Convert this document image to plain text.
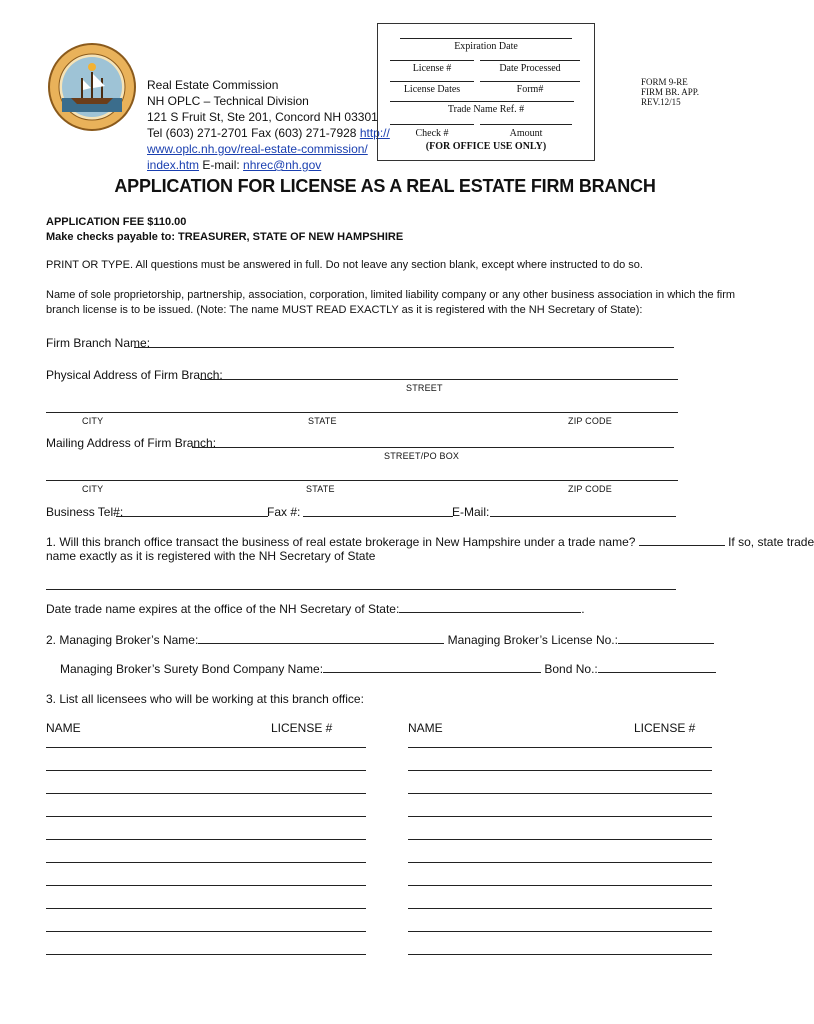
Real Estate Commission
NH OPLC – Technical Division
121 S Fruit St, Ste 201, Concord NH 03301
Tel (603) 271-2701 Fax (603) 271-7928 http://
www.oplc.nh.gov/real-estate-commission/
index.htm E-mail: nhrec@nh.gov
Expiration Date
License #	Date Processed
License Dates	Form#
Trade Name Ref. #
Check #	Amount
(FOR OFFICE USE ONLY)
FORM 9-RE
FIRM BR. APP.
REV.12/15
APPLICATION FOR LICENSE AS A REAL ESTATE FIRM BRANCH
APPLICATION FEE $110.00
Make checks payable to: TREASURER, STATE OF NEW HAMPSHIRE
PRINT OR TYPE. All questions must be answered in full. Do not leave any section blank, except where instructed to do so.
Name of sole proprietorship, partnership, association, corporation, limited liability company or any other business association in which the firm
branch license is to be issued. (Note: The name MUST READ EXACTLY as it is registered with the NH Secretary of State):
Firm Branch Name:
Physical Address of Firm Branch:
STREET
CITY	STATE	ZIP CODE
Mailing Address of Firm Branch:
STREET/PO BOX
CITY	STATE	ZIP CODE
Business Tel#:	Fax #:	E-Mail:
1. Will this branch office transact the business of real estate brokerage in New Hampshire under a trade name?	If so, state trade
name exactly as it is registered with the NH Secretary of State
Date trade name expires at the office of the NH Secretary of State:	.
2. Managing Broker’s Name:	Managing Broker’s License No.:
Managing Broker’s Surety Bond Company Name:	Bond No.:
3. List all licensees who will be working at this branch office:
NAME	LICENSE #	NAME	LICENSE #
